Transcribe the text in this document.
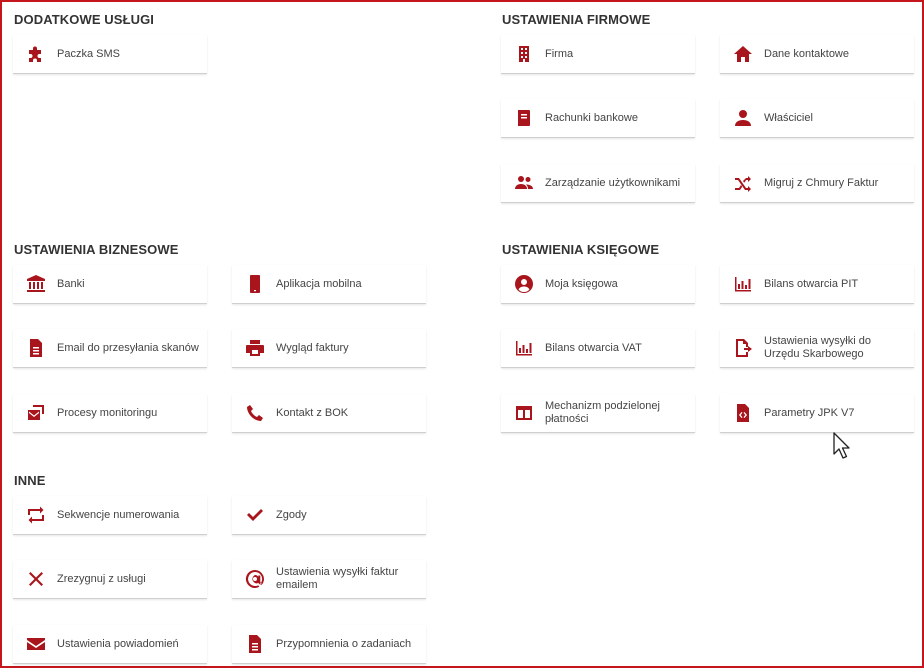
DODATKOWE USŁUGI	USTAWIENIA FIRMOWE
USTAWIENIA BIZNESOWE	USTAWIENIA KSIĘGOWE
INNE
Paczka SMS	Firma	Dane kontaktowe
Rachunki bankowe	Właściciel
Zarządzanie użytkownikami	Migruj z Chmury Faktur
Banki	Aplikacja mobilna
Email do przesyłania skanów	Wygląd faktury
Procesy monitoringu	Kontakt z BOK
Moja księgowa	Bilans otwarcia PIT
Bilans otwarcia VAT
Ustawienia wysyłki do Urzędu Skarbowego
Mechanizm podzielonej płatności
Parametry JPK V7
Sekwencje numerowania	Zgody
Zrezygnuj z usługi
Ustawienia wysyłki faktur emailem
Ustawienia powiadomień	Przypomnienia o zadaniach
